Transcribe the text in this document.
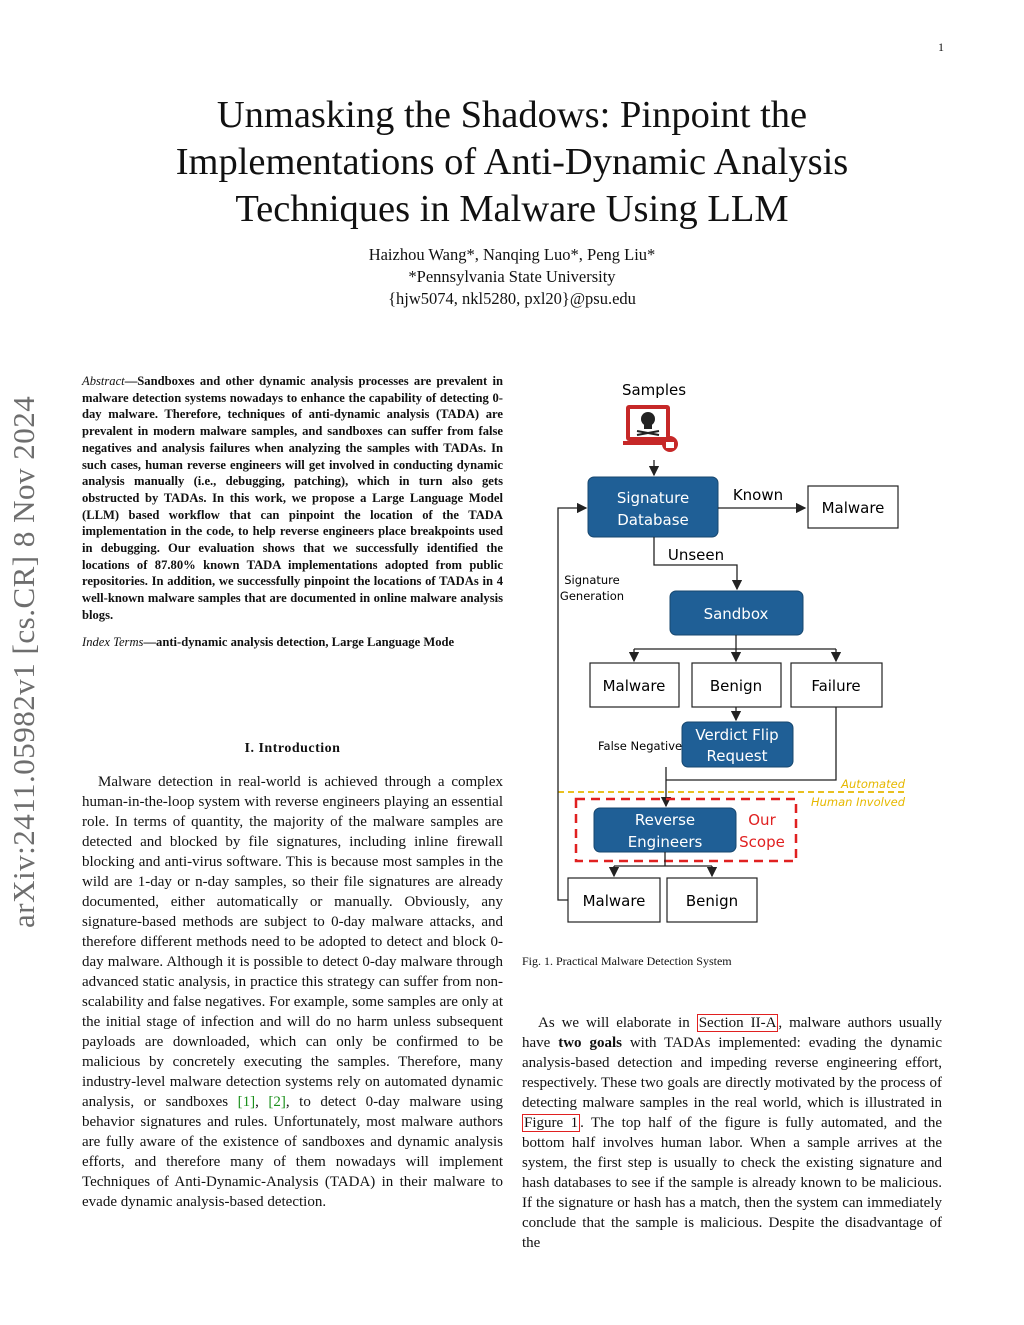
1
arXiv:2411.05982v1 [cs.CR] 8 Nov 2024
Unmasking the Shadows: Pinpoint the Implementations of Anti-Dynamic Analysis Techniques in Malware Using LLM
Haizhou Wang*, Nanqing Luo*, Peng Liu*
*Pennsylvania State University
{hjw5074, nkl5280, pxl20}@psu.edu

Abstract—Sandboxes and other dynamic analysis processes are prevalent in malware detection systems nowadays to enhance the capability of detecting 0-day malware. Therefore, techniques of anti-dynamic analysis (TADA) are prevalent in modern malware samples, and sandboxes can suffer from false negatives and analysis failures when analyzing the samples with TADAs. In such cases, human reverse engineers will get involved in conducting dynamic analysis manually (i.e., debugging, patching), which in turn also gets obstructed by TADAs. In this work, we propose a Large Language Model (LLM) based workflow that can pinpoint the location of the TADA implementation in the code, to help reverse engineers place breakpoints used in debugging. Our evaluation shows that we successfully identified the locations of 87.80% known TADA implementations adopted from public repositories. In addition, we successfully pinpoint the locations of TADAs in 4 well-known malware samples that are documented in online malware analysis blogs.

Index Terms—anti-dynamic analysis detection, Large Language Mode

I. Introduction

Malware detection in real-world is achieved through a complex human-in-the-loop system with reverse engineers playing an essential role. In terms of quantity, the majority of the malware samples are detected and blocked by file signatures, including inline firewall blocking and anti-virus software. This is because most samples in the wild are 1-day or n-day samples, so their file signatures are already documented, either automatically or manually. Obviously, any signature-based methods are subject to 0-day malware attacks, and therefore different methods need to be adopted to detect and block 0-day malware. Although it is possible to detect 0-day malware through advanced static analysis, in practice this strategy can suffer from non-scalability and false negatives. For example, some samples are only at the initial stage of infection and will do no harm unless subsequent payloads are downloaded, which can only be confirmed to be malicious by concretely executing the samples. Therefore, many industry-level malware detection systems rely on automated dynamic analysis, or sandboxes [1], [2], to detect 0-day malware using behavior signatures and rules. Unfortunately, most malware authors are fully aware of the existence of sandboxes and dynamic analysis efforts, and therefore many of them nowadays will implement Techniques of Anti-Dynamic-Analysis (TADA) in their malware to evade dynamic analysis-based detection.

Samples
Signature
Database
Known
Malware
Unseen
Sandbox
Malware	Benign	Failure
False Negative
Verdict Flip
Request
Automated
Human Involved
Reverse
Engineers
Our
Scope
Malware	Benign
Signature
Generation
Fig. 1. Practical Malware Detection System

As we will elaborate in Section II-A , malware authors usually have two goals with TADAs implemented: evading the dynamic analysis-based detection and impeding reverse engineering effort, respectively. These two goals are directly motivated by the process of detecting malware samples in the real world, which is illustrated in Figure 1 . The top half of the figure is fully automated, and the bottom half involves human labor. When a sample arrives at the system, the first step is usually to check the existing signature and hash databases to see if the sample is already known to be malicious. If the signature or hash has a match, then the system can immediately conclude that the sample is malicious. Despite the disadvantage of the
